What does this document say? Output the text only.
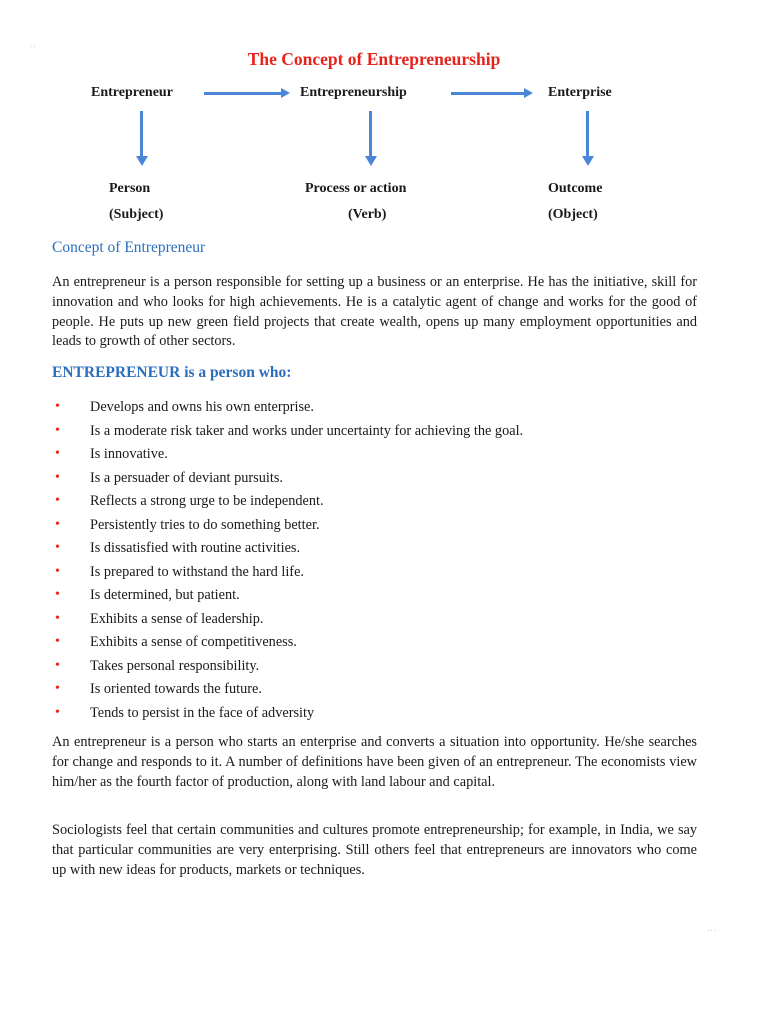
- -
The Concept of Entrepreneurship
Entrepreneur	Entrepreneurship	Enterprise
Person	Process or action	Outcome
(Subject)	(Verb)	(Object)
Concept of Entrepreneur

An entrepreneur is a person responsible for setting up a business or an enterprise. He has the initiative, skill for innovation and who looks for high achievements. He is a catalytic agent of change and works for the good of people. He puts up new green field projects that create wealth, opens up many employment opportunities and leads to growth of other sectors.

ENTREPRENEUR is a person who:
• Develops and owns his own enterprise.
• Is a moderate risk taker and works under uncertainty for achieving the goal.
• Is innovative.
• Is a persuader of deviant pursuits.
• Reflects a strong urge to be independent.
• Persistently tries to do something better.
• Is dissatisfied with routine activities.
• Is prepared to withstand the hard life.
• Is determined, but patient.
• Exhibits a sense of leadership.
• Exhibits a sense of competitiveness.
• Takes personal responsibility.
• Is oriented towards the future.
• Tends to persist in the face of adversity

An entrepreneur is a person who starts an enterprise and converts a situation into opportunity. He/she searches for change and responds to it. A number of definitions have been given of an entrepreneur. The economists view him/her as the fourth factor of production, along with land labour and capital.

Sociologists feel that certain communities and cultures promote entrepreneurship; for example, in India, we say that particular communities are very enterprising. Still others feel that entrepreneurs are innovators who come up with new ideas for products, markets or techniques.

- - -
